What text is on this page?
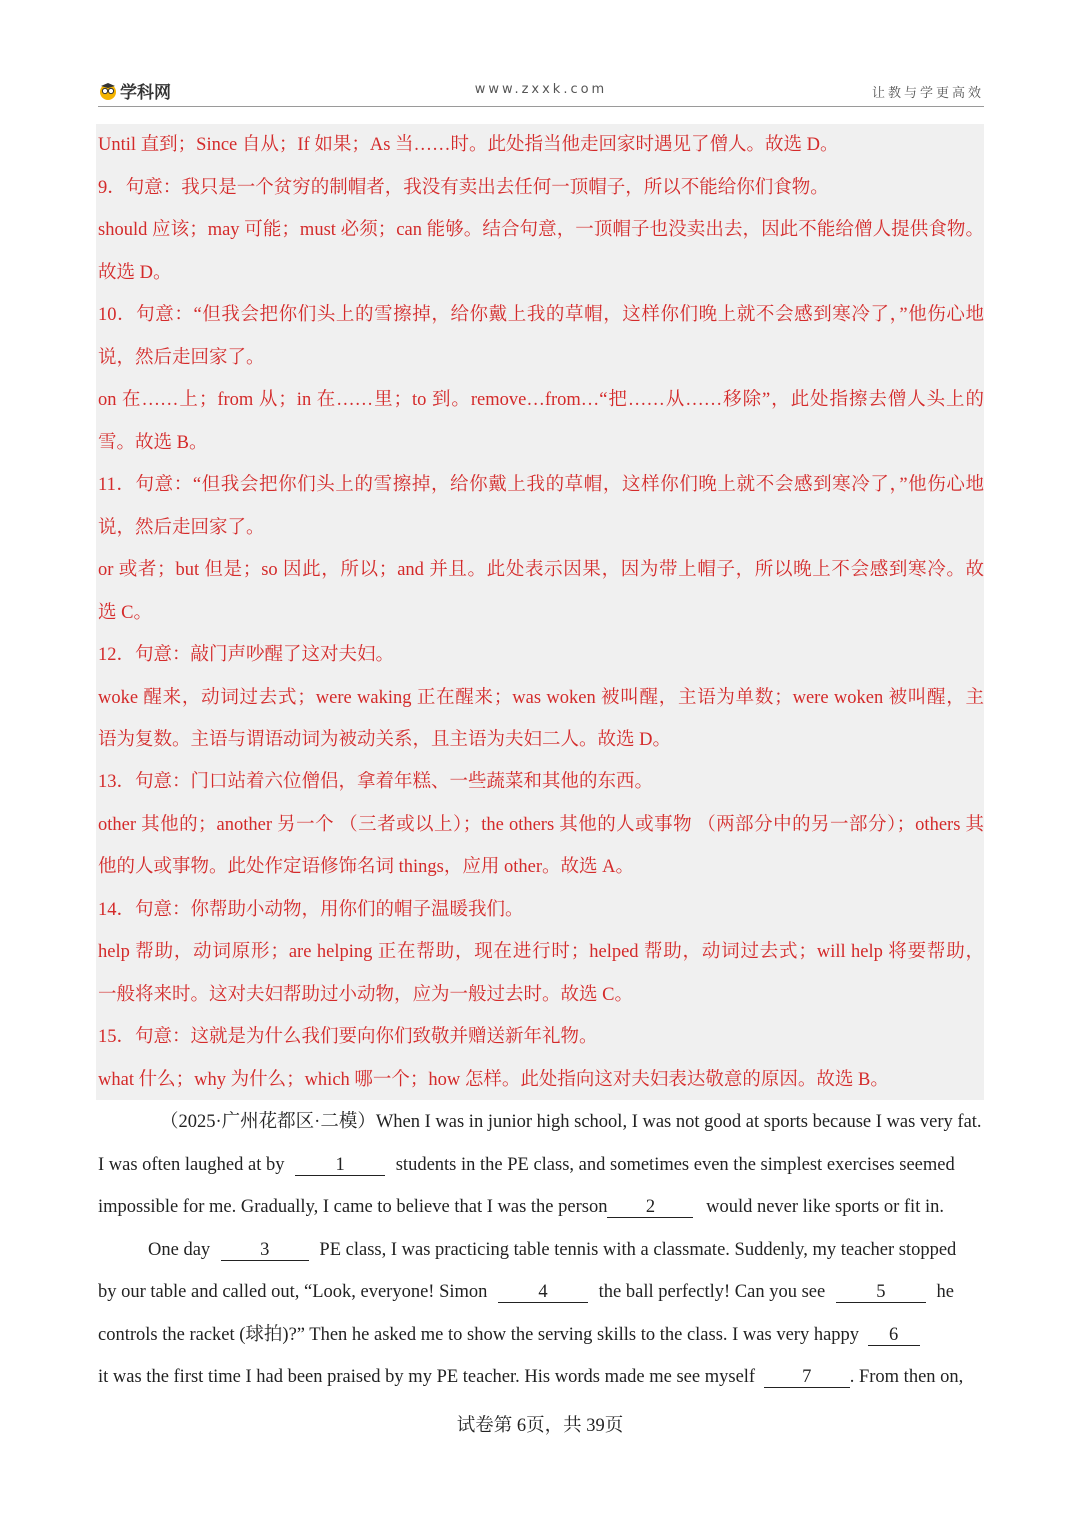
学科网	www.zxxk.com	让教与学更高效
Until 直到；Since 自从；If 如果；As 当……时。此处指当他走回家时遇见了僧人。故选 D。
9．句意：我只是一个贫穷的制帽者，我没有卖出去任何一顶帽子，所以不能给你们食物。
should 应该；may 可能；must 必须；can 能够。结合句意，一顶帽子也没卖出去，因此不能给僧人提供食物。
故选 D。
10．句意：“但我会把你们头上的雪擦掉，给你戴上我的草帽，这样你们晚上就不会感到寒冷了，”他伤心地
说，然后走回家了。
on 在……上；from 从；in 在……里；to 到。remove…from…“把……从……移除”，此处指擦去僧人头上的
雪。故选 B。
11．句意：“但我会把你们头上的雪擦掉，给你戴上我的草帽，这样你们晚上就不会感到寒冷了，”他伤心地
说，然后走回家了。
or 或者；but 但是；so 因此，所以；and 并且。此处表示因果，因为带上帽子，所以晚上不会感到寒冷。故
选 C。
12．句意：敲门声吵醒了这对夫妇。
woke 醒来，动词过去式；were waking 正在醒来；was woken 被叫醒，主语为单数；were woken 被叫醒，主
语为复数。主语与谓语动词为被动关系，且主语为夫妇二人。故选 D。
13．句意：门口站着六位僧侣，拿着年糕、一些蔬菜和其他的东西。
other 其他的；another 另一个 （三者或以上）；the others 其他的人或事物 （两部分中的另一部分）；others 其
他的人或事物。此处作定语修饰名词 things，应用 other。故选 A。
14．句意：你帮助小动物，用你们的帽子温暖我们。
help 帮助，动词原形；are helping 正在帮助，现在进行时；helped 帮助，动词过去式；will help 将要帮助，
一般将来时。这对夫妇帮助过小动物，应为一般过去时。故选 C。
15．句意：这就是为什么我们要向你们致敬并赠送新年礼物。
what 什么；why 为什么；which 哪一个；how 怎样。此处指向这对夫妇表达敬意的原因。故选 B。
（2025·广州花都区·二模）When I was in junior high school, I was not good at sports because I was very fat.
I was often laughed at by	1	students in the PE class, and sometimes even the simplest exercises seemed
impossible for me. Gradually, I came to believe that I was the person 2	would never like sports or fit in.
One day	3	PE class, I was practicing table tennis with a classmate. Suddenly, my teacher stopped
by our table and called out, “Look, everyone! Simon	4	the ball perfectly! Can you see	5	he
controls the racket (球拍)?” Then he asked me to show the serving skills to the class. I was very happy 6
it was the first time I had been praised by my PE teacher. His words made me see myself	7 . From then on,
试卷第 6页，共 39页
